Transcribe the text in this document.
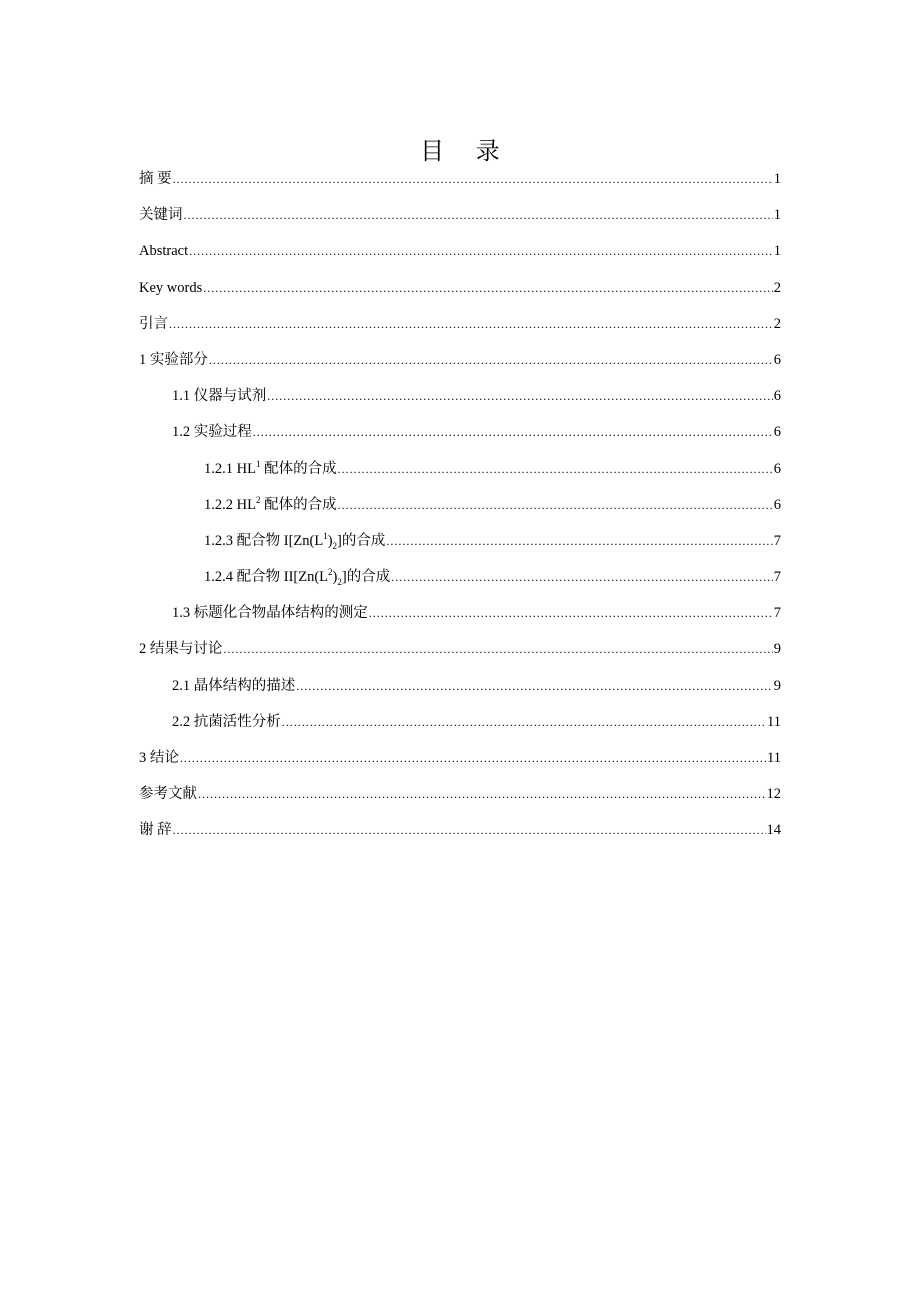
目 录
摘 要 .....	1
关键词 .....	1
Abstract .....	1
Key words .....	2
引言 .....	2
1 实验部分 .....	6
1.1 仪器与试剂 .....	6
1.2 实验过程 .....	6
1.2.1 $HL^1$ 配体的合成 .....	6
1.2.2 $HL^2$ 配体的合成 .....	6
1.2.3 配合物 $I[Zn(L^1)_2]$的合成 .....	7
1.2.4 配合物 $II[Zn(L^2)_2]$的合成 .....	7
1.3 标题化合物晶体结构的测定 .....	7
2 结果与讨论 .....	9
2.1 晶体结构的描述 .....	9
2.2 抗菌活性分析 .....	11
3 结论 .....	11
参考文献 .....	12
谢 辞 .....	14
